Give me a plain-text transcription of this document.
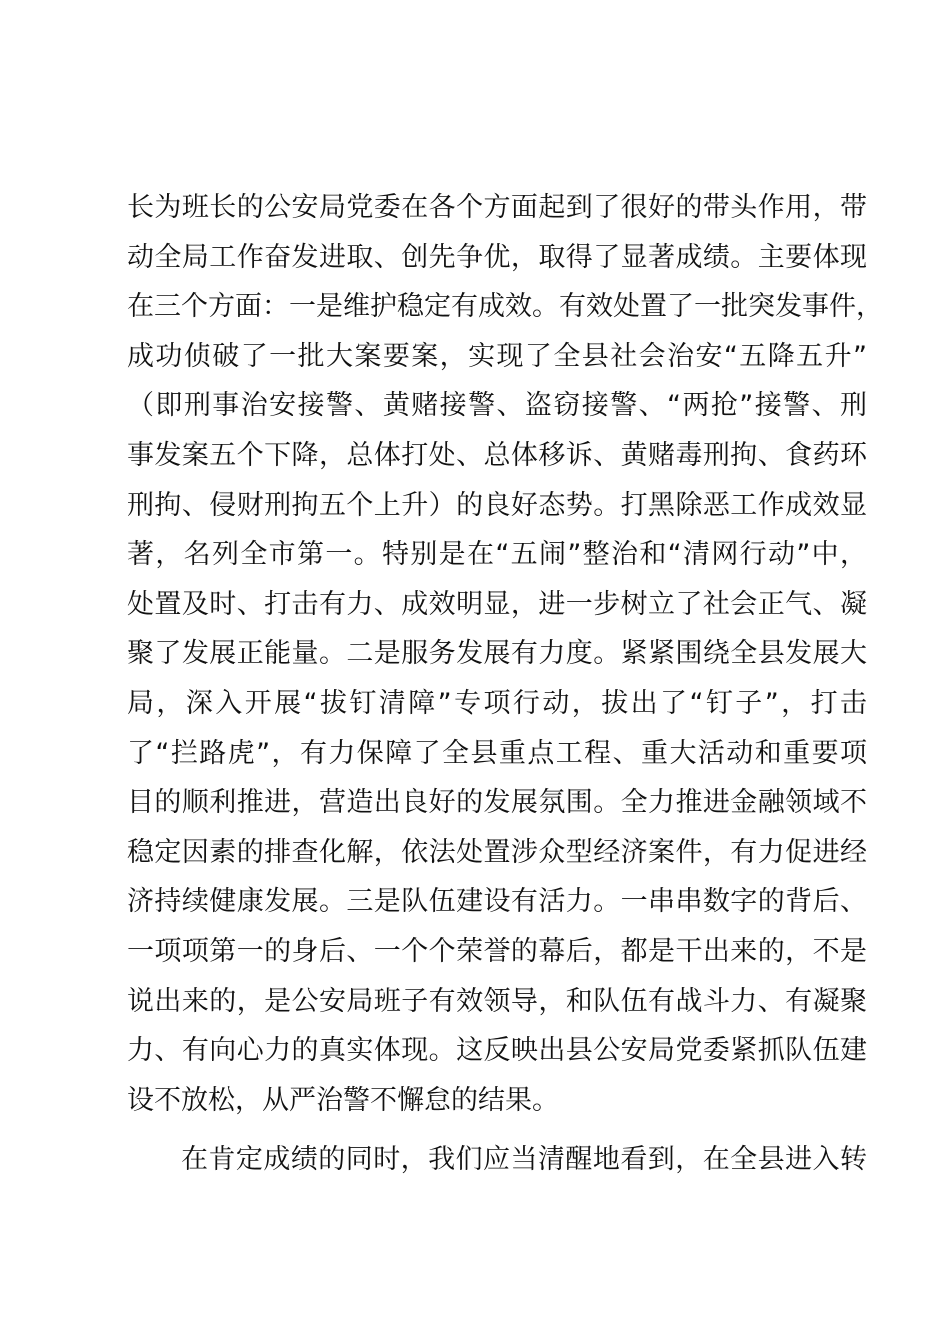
长为班长的公安局党委在各个方面起到了很好的带头作用，带
动全局工作奋发进取、创先争优，取得了显著成绩。主要体现
在三个方面：一是维护稳定有成效。有效处置了一批突发事件，
成功侦破了一批大案要案，实现了全县社会治安“五降五升”
（即刑事治安接警、黄赌接警、盗窃接警、“两抢”接警、刑
事发案五个下降，总体打处、总体移诉、黄赌毒刑拘、食药环
刑拘、侵财刑拘五个上升）的良好态势。打黑除恶工作成效显
著，名列全市第一。特别是在“五闹”整治和“清网行动”中，
处置及时、打击有力、成效明显，进一步树立了社会正气、凝
聚了发展正能量。二是服务发展有力度。紧紧围绕全县发展大
局，深入开展“拔钉清障”专项行动，拔出了“钉子”，打击
了“拦路虎”，有力保障了全县重点工程、重大活动和重要项
目的顺利推进，营造出良好的发展氛围。全力推进金融领域不
稳定因素的排查化解，依法处置涉众型经济案件，有力促进经
济持续健康发展。三是队伍建设有活力。一串串数字的背后、
一项项第一的身后、一个个荣誉的幕后，都是干出来的，不是
说出来的，是公安局班子有效领导，和队伍有战斗力、有凝聚
力、有向心力的真实体现。这反映出县公安局党委紧抓队伍建
设不放松，从严治警不懈怠的结果。
在肯定成绩的同时，我们应当清醒地看到，在全县进入转
